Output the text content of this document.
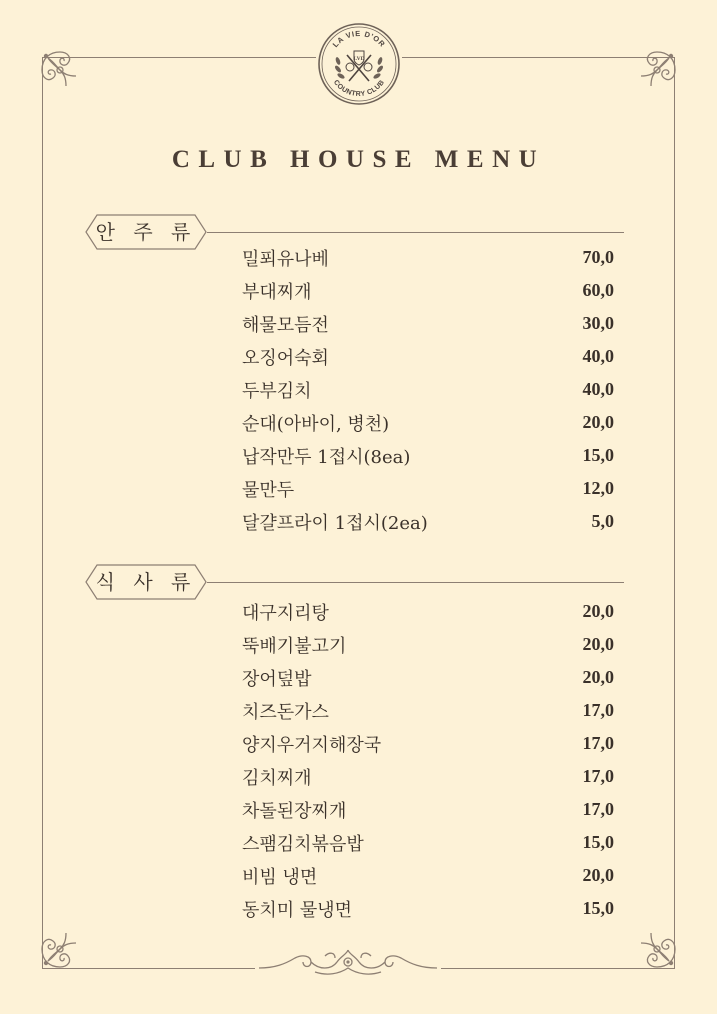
LA VIE D'OR
COUNTRY CLUB
LVD
CLUB HOUSE MENU
안 주 류
밀푀유나베	70,0
부대찌개	60,0
해물모듬전	30,0
오징어숙회	40,0
두부김치	40,0
순대(아바이, 병천)	20,0
납작만두 1접시(8ea)	15,0
물만두	12,0
달걀프라이 1접시(2ea)	5,0
식 사 류
대구지리탕	20,0
뚝배기불고기	20,0
장어덮밥	20,0
치즈돈가스	17,0
양지우거지해장국	17,0
김치찌개	17,0
차돌된장찌개	17,0
스팸김치볶음밥	15,0
비빔 냉면	20,0
동치미 물냉면	15,0
